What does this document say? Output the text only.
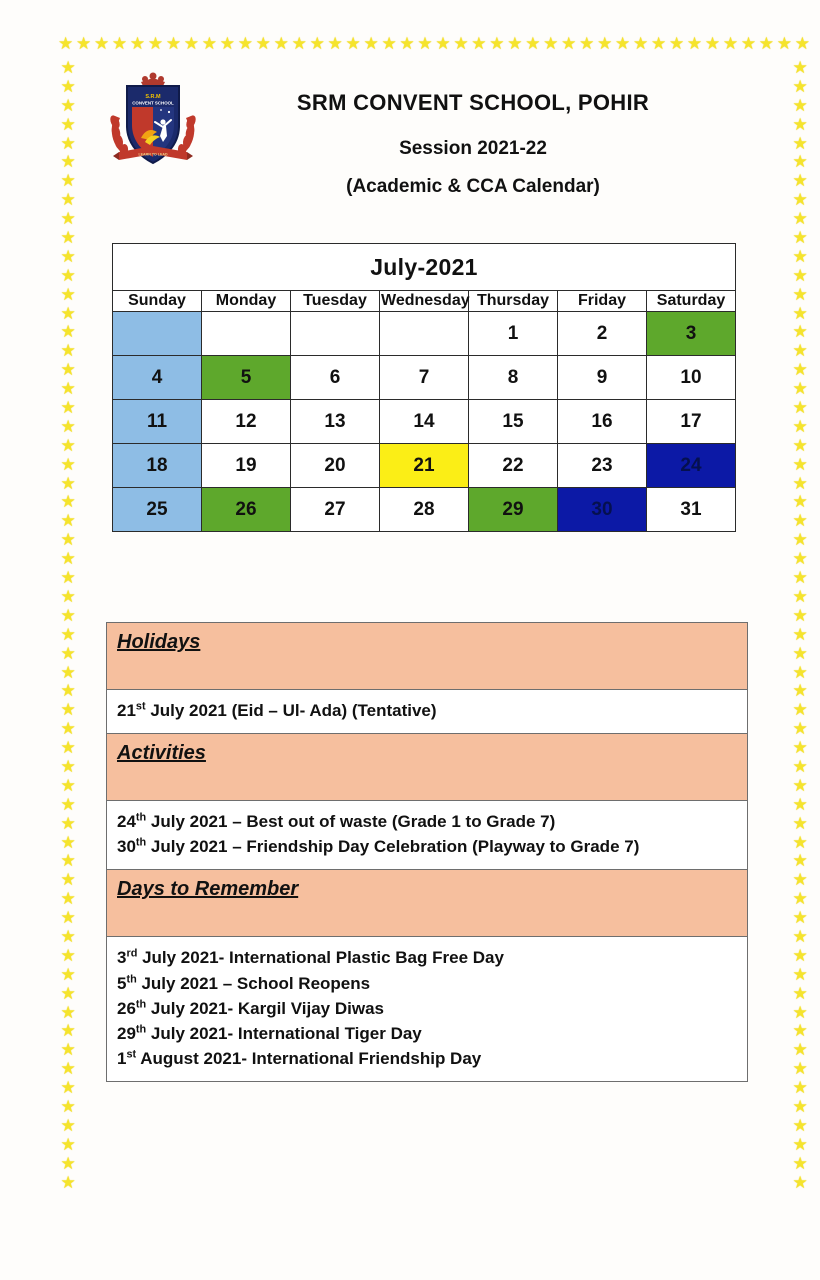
★ ★ ★ ★ ★ ★ ★ ★ ★ ★ ★ ★ ★ ★ ★ ★ ★ ★ ★ ★ ★ ★ ★ ★ ★ ★ ★ ★ ★ ★ ★ ★ ★ ★ ★ ★ ★ ★ ★ ★ ★ ★
★
★
★
★
★
★
★
★
★
★
★
★
★
★
★
★
★
★
★
★
★
★
★
★
★
★
★
★
★
★
★
★
★
★
★
★
★
★
★
★
★
★
★
★
★
★
★
★
★
★
★
★
★
★
★
★
★
★
★
★
★
★
★
★
★
★
★
★
★
★
★
★
★
★
★
★
★
★
★
★
★
★
★
★
★
★
★
★
★
★
★
★
★
★
★
★
★
★
★
★
★
★
★
★
★
★
★
★
★
★
★
★
★
★
★
★
★
★
★
★
S.R.M
CONVENT SCHOOL
LEARN TO LEAD
SRM CONVENT SCHOOL, POHIR
Session 2021-22
(Academic & CCA Calendar)
July-2021						
Sunday	Monday	Tuesday	Wednesday	Thursday	Friday	Saturday
				1	2	3
4	5	6	7	8	9	10
11	12	13	14	15	16	17
18	19	20	21	22	23	24
25	26	27	28	29	30	31
Holidays

21st July 2021 (Eid – Ul- Ada) (Tentative)

Activities

24th July 2021 – Best out of waste (Grade 1 to Grade 7)
30th July 2021 – Friendship Day Celebration (Playway to Grade 7)

Days to Remember

3rd July 2021- International Plastic Bag Free Day
5th July 2021 – School Reopens
26th July 2021- Kargil Vijay Diwas
29th July 2021- International Tiger Day
1st August 2021- International Friendship Day
